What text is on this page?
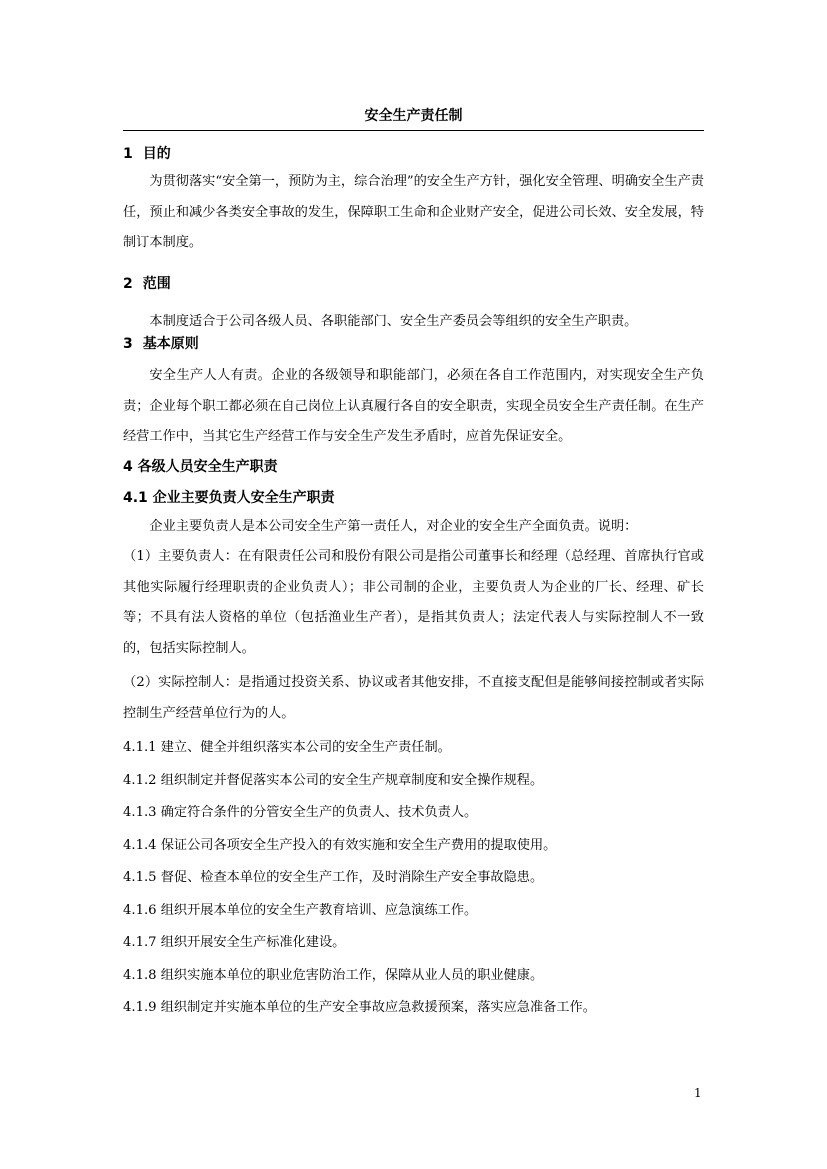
安全生产责任制
1 目的
为贯彻落实“安全第一，预防为主，综合治理”的安全生产方针，强化安全管理、明确安全生产责任，预止和减少各类安全事故的发生，保障职工生命和企业财产安全，促进公司长效、安全发展，特制订本制度。
2 范围
本制度适合于公司各级人员、各职能部门、安全生产委员会等组织的安全生产职责。
3 基本原则
安全生产人人有责。企业的各级领导和职能部门，必须在各自工作范围内，对实现安全生产负责；企业每个职工都必须在自己岗位上认真履行各自的安全职责，实现全员安全生产责任制。在生产经营工作中，当其它生产经营工作与安全生产发生矛盾时，应首先保证安全。
4 各级人员安全生产职责
4.1 企业主要负责人安全生产职责
企业主要负责人是本公司安全生产第一责任人，对企业的安全生产全面负责。说明：
（1）主要负责人：在有限责任公司和股份有限公司是指公司董事长和经理（总经理、首席执行官或其他实际履行经理职责的企业负责人）；非公司制的企业，主要负责人为企业的厂长、经理、矿长等；不具有法人资格的单位（包括渔业生产者），是指其负责人；法定代表人与实际控制人不一致的，包括实际控制人。
（2）实际控制人：是指通过投资关系、协议或者其他安排，不直接支配但是能够间接控制或者实际控制生产经营单位行为的人。
4.1.1 建立、健全并组织落实本公司的安全生产责任制。
4.1.2 组织制定并督促落实本公司的安全生产规章制度和安全操作规程。
4.1.3 确定符合条件的分管安全生产的负责人、技术负责人。
4.1.4 保证公司各项安全生产投入的有效实施和安全生产费用的提取使用。
4.1.5 督促、检查本单位的安全生产工作，及时消除生产安全事故隐患。
4.1.6 组织开展本单位的安全生产教育培训、应急演练工作。
4.1.7 组织开展安全生产标准化建设。
4.1.8 组织实施本单位的职业危害防治工作，保障从业人员的职业健康。
4.1.9 组织制定并实施本单位的生产安全事故应急救援预案，落实应急准备工作。
1
